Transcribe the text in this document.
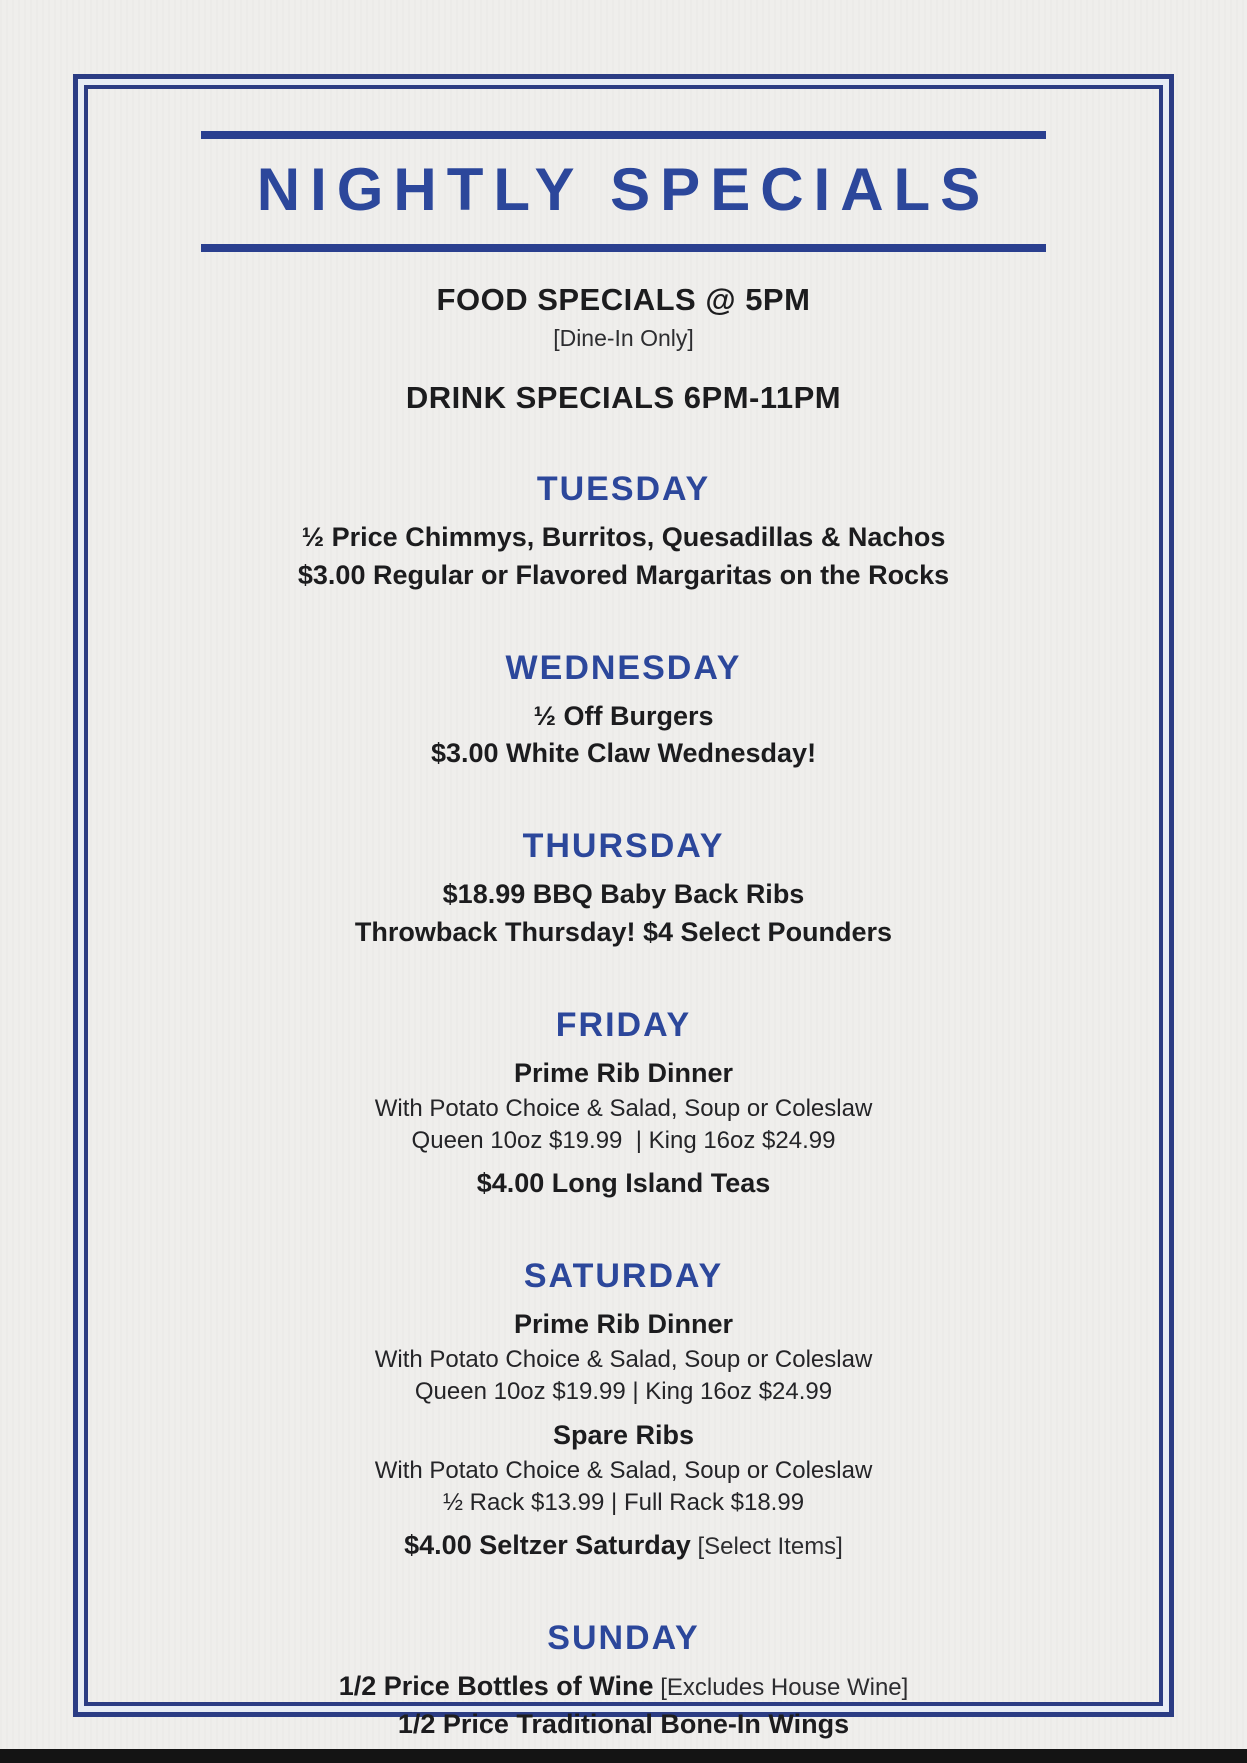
NIGHTLY SPECIALS
FOOD SPECIALS @ 5PM
[Dine-In Only]
DRINK SPECIALS 6PM-11PM
TUESDAY

½ Price Chimmys, Burritos, Quesadillas & Nachos

$3.00 Regular or Flavored Margaritas on the Rocks

WEDNESDAY

½ Off Burgers

$3.00 White Claw Wednesday!

THURSDAY

$18.99 BBQ Baby Back Ribs

Throwback Thursday! $4 Select Pounders

FRIDAY

Prime Rib Dinner

With Potato Choice & Salad, Soup or Coleslaw

Queen 10oz $19.99  | King 16oz $24.99

$4.00 Long Island Teas

SATURDAY

Prime Rib Dinner

With Potato Choice & Salad, Soup or Coleslaw

Queen 10oz $19.99 | King 16oz $24.99

Spare Ribs

With Potato Choice & Salad, Soup or Coleslaw

½ Rack $13.99 | Full Rack $18.99

$4.00 Seltzer Saturday [Select Items]

SUNDAY

1/2 Price Bottles of Wine [Excludes House Wine]

1/2 Price Traditional Bone-In Wings
